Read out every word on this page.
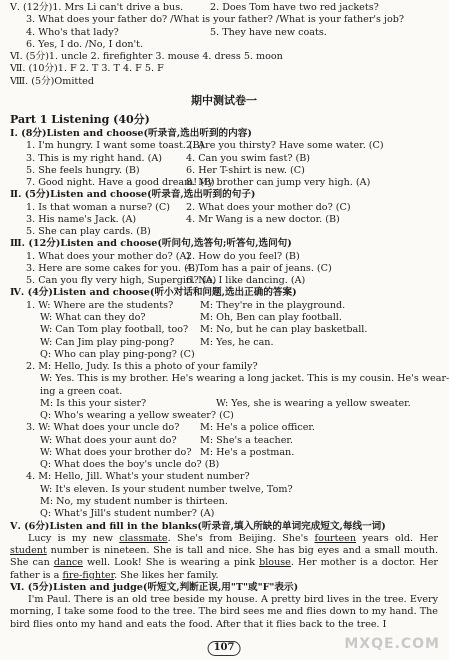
Ⅴ. (12分)1. Mrs Li can't drive a bus.	2. Does Tom have two red jackets?
3. What does your father do? /What is your father? /What is your father's job?
4. Who's that lady?	5. They have new coats.
6. Yes, I do. /No, I don't.
Ⅵ. (5分)1. uncle 2. firefighter 3. mouse 4. dress 5. moon
Ⅶ. (10分)1. F 2. T 3. T 4. F 5. F
Ⅷ. (5分)Omitted
期中测试卷一
Part 1 Listening (40分)
Ⅰ. (8分)Listen and choose(听录音,选出听到的内容)
1. I'm hungry. I want some toast. (B)
2. Are you thirsty? Have some water. (C)
3. This is my right hand. (A)	4. Can you swim fast? (B)
5. She feels hungry. (B)	6. Her T-shirt is new. (C)
7. Good night. Have a good dream! (B)
8. My brother can jump very high. (A)
Ⅱ. (5分)Listen and choose(听录音,选出听到的句子)
1. Is that woman a nurse? (C)	2. What does your mother do? (C)
3. His name's Jack. (A)	4. Mr Wang is a new doctor. (B)
5. She can play cards. (B)
Ⅲ. (12分)Listen and choose(听问句,选答句;听答句,选问句)
1. What does your mother do? (A)
2. How do you feel? (B)
3. Here are some cakes for you. (B)
4. Tom has a pair of jeans. (C)
5. Can you fly very high, Supergirl? (A)
6. No, I like dancing. (A)
Ⅳ. (4分)Listen and choose(听小对话和问题,选出正确的答案)
1. W: Where are the students?	M: They're in the playground.
W: What can they do?	M: Oh, Ben can play football.
W: Can Tom play football, too?	M: No, but he can play basketball.
W: Can Jim play ping-pong?	M: Yes, he can.
Q: Who can play ping-pong? (C)
2. M: Hello, Judy. Is this a photo of your family?
W: Yes. This is my brother. He's wearing a long jacket. This is my cousin. He's wear-
ing a green coat.
M: Is this your sister?	W: Yes, she is wearing a yellow sweater.
Q: Who's wearing a yellow sweater? (C)
3. W: What does your uncle do?	M: He's a police officer.
W: What does your aunt do?	M: She's a teacher.
W: What does your brother do? M: He's a postman.
Q: What does the boy's uncle do? (B)
4. M: Hello, Jill. What's your student number?
W: It's eleven. Is your student number twelve, Tom?
M: No, my student number is thirteen.
Q: What's Jill's student number? (A)
Ⅴ. (6分)Listen and fill in the blanks(听录音,填入所缺的单词完成短文,每线一词)
Lucy is my new classmate. She's from Beijing. She's fourteen years old. Her student number is nineteen. She is tall and nice. She has big eyes and a small mouth. She can dance well. Look! She is wearing a pink blouse. Her mother is a doctor. Her father is a fire-fighter. She likes her family.
Ⅵ. (5分)Listen and judge(听短文,判断正误,用"T"或"F"表示)
I'm Paul. There is an old tree beside my house. A pretty bird lives in the tree. Every morning, I take some food to the tree. The bird sees me and flies down to my hand. The bird flies onto my hand and eats the food. After that it flies back to the tree. I
107	MXQE.COM
